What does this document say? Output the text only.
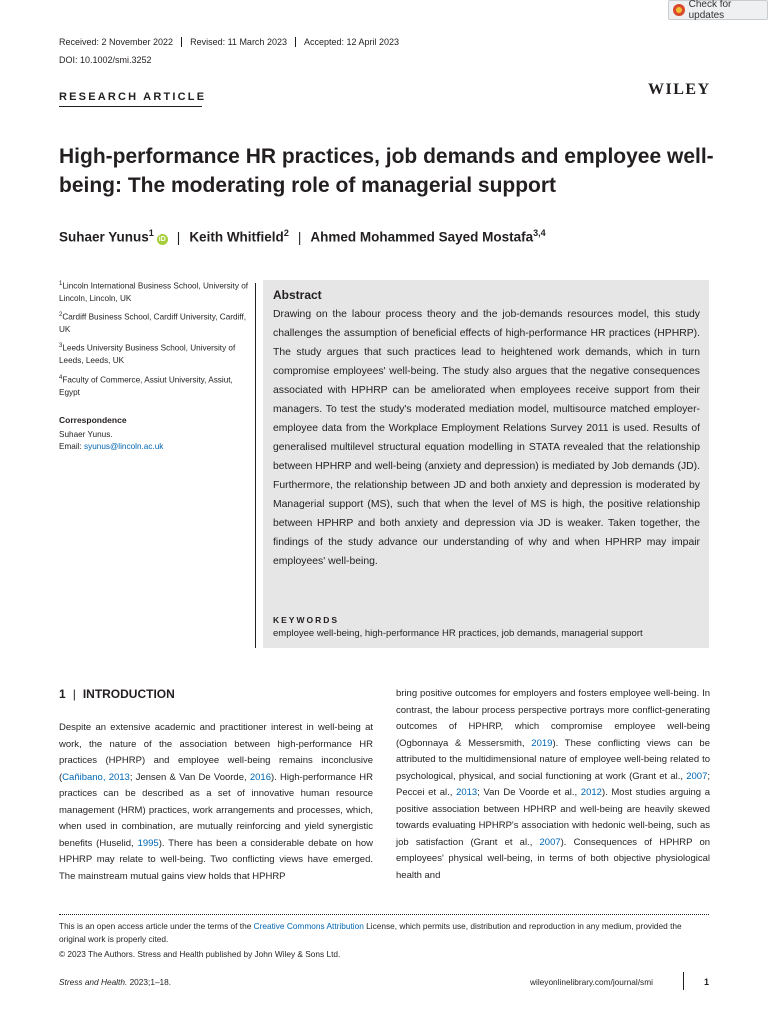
Check for updates
Received: 2 November 2022	Revised: 11 March 2023	Accepted: 12 April 2023
DOI: 10.1002/smi.3252
RESEARCH ARTICLE	WILEY
High-performance HR practices, job demands and employee well-being: The moderating role of managerial support
Suhaer Yunus$^1$iD | Keith Whitfield$^2$ | Ahmed Mohammed Sayed Mostafa$^{3,4}$
$^1$Lincoln International Business School, University of Lincoln, Lincoln, UK
$^2$Cardiff Business School, Cardiff University, Cardiff, UK
$^3$Leeds University Business School, University of Leeds, Leeds, UK
$^4$Faculty of Commerce, Assiut University, Assiut, Egypt
Correspondence
Suhaer Yunus.
Email: syunus@lincoln.ac.uk
Abstract
Drawing on the labour process theory and the job-demands resources model, this study challenges the assumption of beneficial effects of high-performance HR practices (HPHRP). The study argues that such practices lead to heightened work demands, which in turn compromise employees' well-being. The study also argues that the negative consequences associated with HPHRP can be ameliorated when employees receive support from their managers. To test the study's moderated mediation model, multisource matched employer-employee data from the Workplace Employment Relations Survey 2011 is used. Results of generalised multilevel structural equation modelling in STATA revealed that the relationship between HPHRP and well-being (anxiety and depression) is mediated by Job demands (JD). Furthermore, the relationship between JD and both anxiety and depression is moderated by Managerial support (MS), such that when the level of MS is high, the positive relationship between HPHRP and both anxiety and depression via JD is weaker. Taken together, the findings of the study advance our understanding of why and when HPHRP may impair employees' well-being.
KEYWORDS
employee well-being, high-performance HR practices, job demands, managerial support
1 | INTRODUCTION
Despite an extensive academic and practitioner interest in well-being at work, the nature of the association between high-performance HR practices (HPHRP) and employee well-being remains inconclusive (Cañibano, 2013; Jensen & Van De Voorde, 2016). High-performance HR practices can be described as a set of innovative human resource management (HRM) practices, work arrangements and processes, which, when used in combination, are mutually reinforcing and yield synergistic benefits (Huselid, 1995). There has been a considerable debate on how HPHRP may relate to well-being. Two conflicting views have emerged. The mainstream mutual gains view holds that HPHRP
bring positive outcomes for employers and fosters employee well-being. In contrast, the labour process perspective portrays more conflict-generating outcomes of HPHRP, which compromise employee well-being (Ogbonnaya & Messersmith, 2019). These conflicting views can be attributed to the multidimensional nature of employee well-being related to psychological, physical, and social functioning at work (Grant et al., 2007; Peccei et al., 2013; Van De Voorde et al., 2012). Most studies arguing a positive association between HPHRP and well-being are heavily skewed towards evaluating HPHRP's association with hedonic well-being, such as job satisfaction (Grant et al., 2007). Consequences of HPHRP on employees' physical well-being, in terms of both objective physiological health and
This is an open access article under the terms of the Creative Commons Attribution License, which permits use, distribution and reproduction in any medium, provided the original work is properly cited.
© 2023 The Authors. Stress and Health published by John Wiley & Sons Ltd.
Stress and Health. 2023;1–18.	wileyonlinelibrary.com/journal/smi	1
